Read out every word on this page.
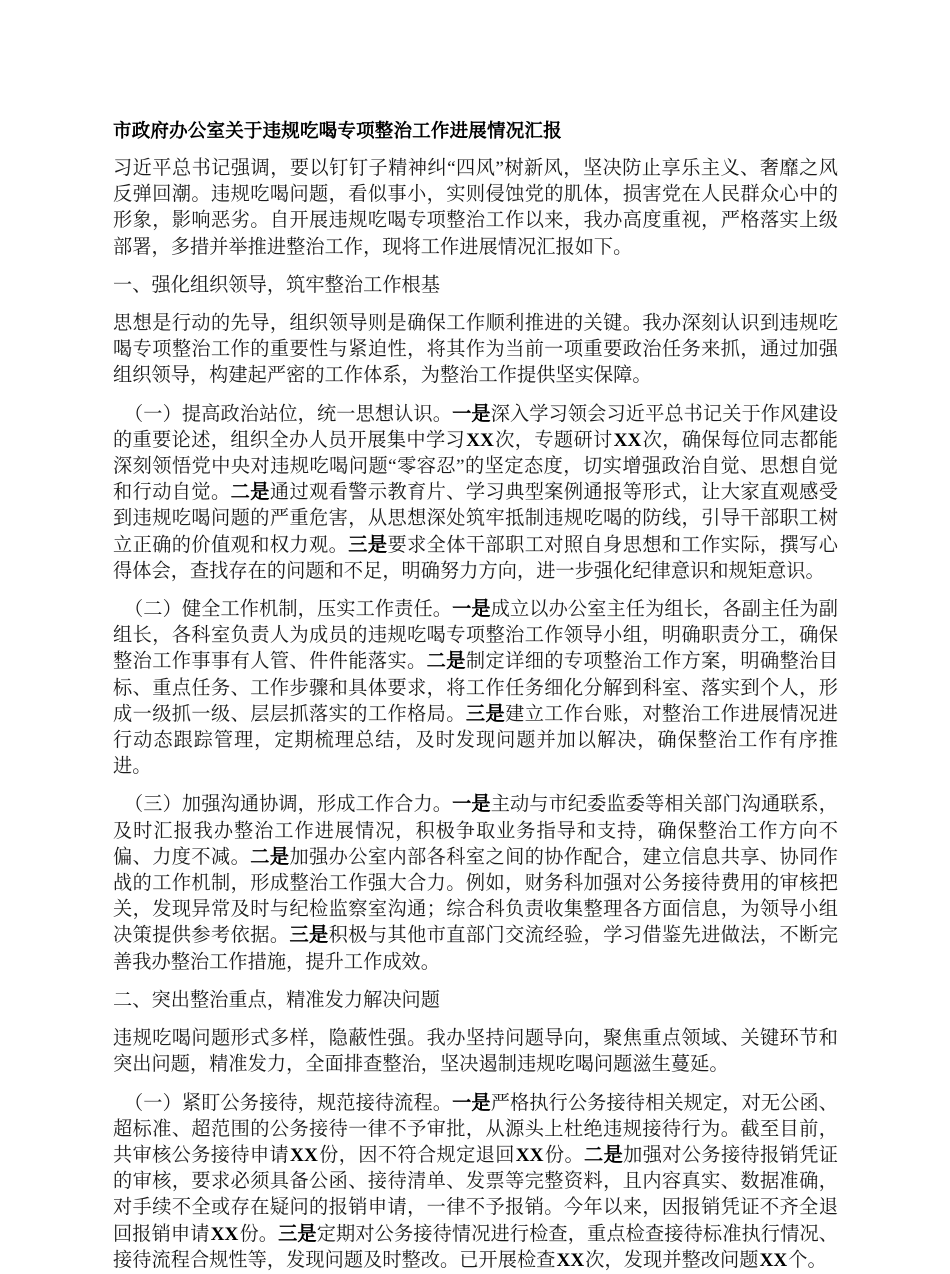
市政府办公室关于违规吃喝专项整治工作进展情况汇报

习近平总书记强调，要以钉钉子精神纠“四风”树新风，坚决防止享乐主义、奢靡之风反弹回潮。违规吃喝问题，看似事小，实则侵蚀党的肌体，损害党在人民群众心中的形象，影响恶劣。自开展违规吃喝专项整治工作以来，我办高度重视，严格落实上级部署，多措并举推进整治工作，现将工作进展情况汇报如下。

一、强化组织领导，筑牢整治工作根基

思想是行动的先导，组织领导则是确保工作顺利推进的关键。我办深刻认识到违规吃喝专项整治工作的重要性与紧迫性，将其作为当前一项重要政治任务来抓，通过加强组织领导，构建起严密的工作体系，为整治工作提供坚实保障。

（一）提高政治站位，统一思想认识。一是深入学习领会习近平总书记关于作风建设的重要论述，组织全办人员开展集中学习XX次，专题研讨XX次，确保每位同志都能深刻领悟党中央对违规吃喝问题“零容忍”的坚定态度，切实增强政治自觉、思想自觉和行动自觉。二是通过观看警示教育片、学习典型案例通报等形式，让大家直观感受到违规吃喝问题的严重危害，从思想深处筑牢抵制违规吃喝的防线，引导干部职工树立正确的价值观和权力观。三是要求全体干部职工对照自身思想和工作实际，撰写心得体会，查找存在的问题和不足，明确努力方向，进一步强化纪律意识和规矩意识。

（二）健全工作机制，压实工作责任。一是成立以办公室主任为组长，各副主任为副组长，各科室负责人为成员的违规吃喝专项整治工作领导小组，明确职责分工，确保整治工作事事有人管、件件能落实。二是制定详细的专项整治工作方案，明确整治目标、重点任务、工作步骤和具体要求，将工作任务细化分解到科室、落实到个人，形成一级抓一级、层层抓落实的工作格局。三是建立工作台账，对整治工作进展情况进行动态跟踪管理，定期梳理总结，及时发现问题并加以解决，确保整治工作有序推进。

（三）加强沟通协调，形成工作合力。一是主动与市纪委监委等相关部门沟通联系，及时汇报我办整治工作进展情况，积极争取业务指导和支持，确保整治工作方向不偏、力度不减。二是加强办公室内部各科室之间的协作配合，建立信息共享、协同作战的工作机制，形成整治工作强大合力。例如，财务科加强对公务接待费用的审核把关，发现异常及时与纪检监察室沟通；综合科负责收集整理各方面信息，为领导小组决策提供参考依据。三是积极与其他市直部门交流经验，学习借鉴先进做法，不断完善我办整治工作措施，提升工作成效。

二、突出整治重点，精准发力解决问题

违规吃喝问题形式多样，隐蔽性强。我办坚持问题导向，聚焦重点领域、关键环节和突出问题，精准发力，全面排查整治，坚决遏制违规吃喝问题滋生蔓延。

（一）紧盯公务接待，规范接待流程。一是严格执行公务接待相关规定，对无公函、超标准、超范围的公务接待一律不予审批，从源头上杜绝违规接待行为。截至目前，共审核公务接待申请XX份，因不符合规定退回XX份。二是加强对公务接待报销凭证的审核，要求必须具备公函、接待清单、发票等完整资料，且内容真实、数据准确，对手续不全或存在疑问的报销申请，一律不予报销。今年以来，因报销凭证不齐全退回报销申请XX份。三是定期对公务接待情况进行检查，重点检查接待标准执行情况、接待流程合规性等，发现问题及时整改。已开展检查XX次，发现并整改问题XX个。
